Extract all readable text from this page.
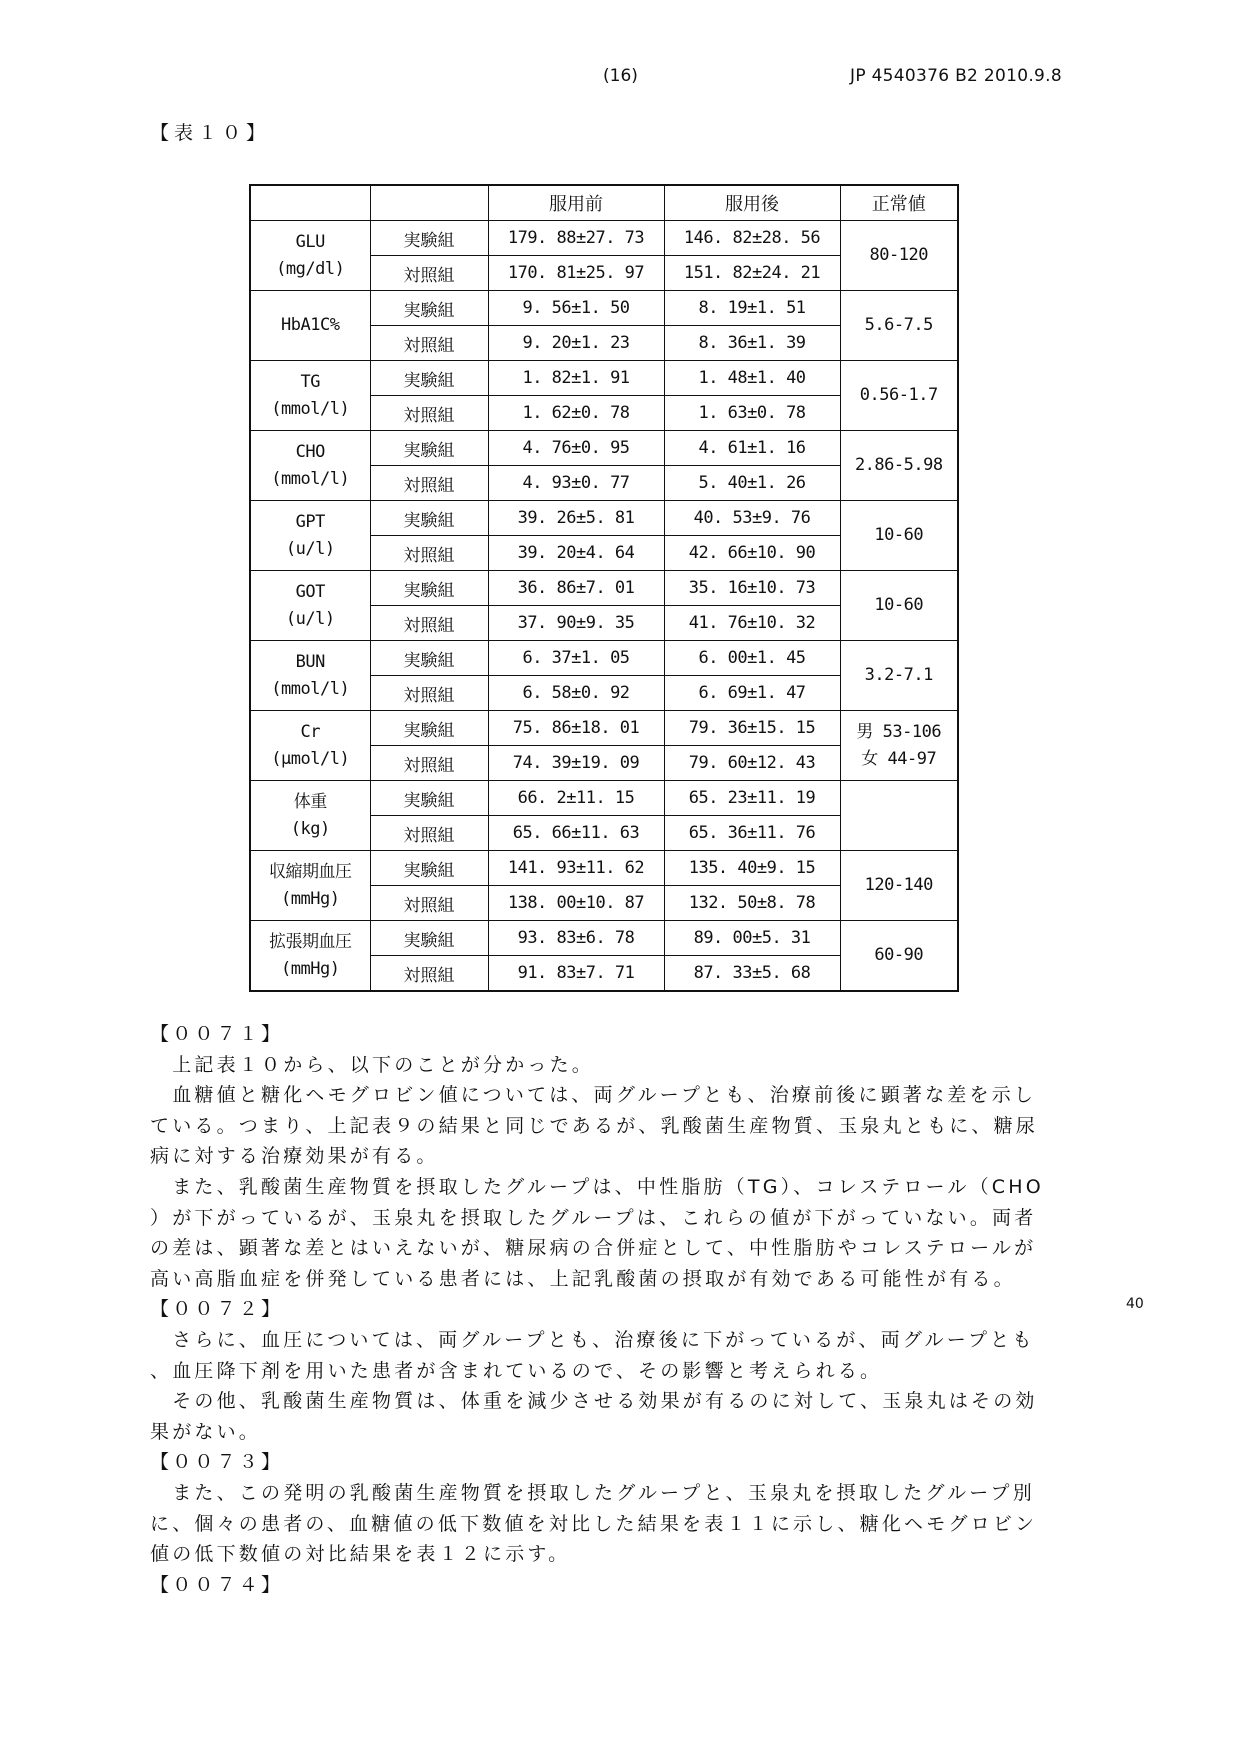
(16)	JP 4540376 B2 2010.9.8
【表１０】
		服用前	服用後	正常値

GLU
(mg/dl)	実験組	179. 88±27. 73	146. 82±28. 56	80-120

	対照組	170. 81±25. 97	151. 82±24. 21	

HbA1C%	実験組	9. 56±1. 50	8. 19±1. 51	5.6-7.5

	対照組	9. 20±1. 23	8. 36±1. 39	

TG
(mmol/l)	実験組	1. 82±1. 91	1. 48±1. 40	0.56-1.7

	対照組	1. 62±0. 78	1. 63±0. 78	

CHO
(mmol/l)	実験組	4. 76±0. 95	4. 61±1. 16	2.86-5.98

	対照組	4. 93±0. 77	5. 40±1. 26	

GPT
(u/l)	実験組	39. 26±5. 81	40. 53±9. 76	10-60

	対照組	39. 20±4. 64	42. 66±10. 90	

GOT
(u/l)	実験組	36. 86±7. 01	35. 16±10. 73	10-60

	対照組	37. 90±9. 35	41. 76±10. 32	

BUN
(mmol/l)	実験組	6. 37±1. 05	6. 00±1. 45	3.2-7.1

	対照組	6. 58±0. 92	6. 69±1. 47	

Cr
(μmol/l)	実験組	75. 86±18. 01	79. 36±15. 15	男 53-106
女 44-97

	対照組	74. 39±19. 09	79. 60±12. 43	

体重
(kg)	実験組	66. 2±11. 15	65. 23±11. 19	

	対照組	65. 66±11. 63	65. 36±11. 76	

収縮期血圧
(mmHg)	実験組	141. 93±11. 62	135. 40±9. 15	120-140

	対照組	138. 00±10. 87	132. 50±8. 78	

拡張期血圧
(mmHg)	実験組	93. 83±6. 78	89. 00±5. 31	60-90

	対照組	91. 83±7. 71	87. 33±5. 68	
【００７１】
　上記表１０から、以下のことが分かった。
　血糖値と糖化ヘモグロビン値については、両グループとも、治療前後に顕著な差を示し
ている。つまり、上記表９の結果と同じであるが、乳酸菌生産物質、玉泉丸ともに、糖尿
病に対する治療効果が有る。
　また、乳酸菌生産物質を摂取したグループは、中性脂肪（TG）、コレステロール（CHO
）が下がっているが、玉泉丸を摂取したグループは、これらの値が下がっていない。両者
の差は、顕著な差とはいえないが、糖尿病の合併症として、中性脂肪やコレステロールが
高い高脂血症を併発している患者には、上記乳酸菌の摂取が有効である可能性が有る。
【００７２】
　さらに、血圧については、両グループとも、治療後に下がっているが、両グループとも
、血圧降下剤を用いた患者が含まれているので、その影響と考えられる。
　その他、乳酸菌生産物質は、体重を減少させる効果が有るのに対して、玉泉丸はその効
果がない。
【００７３】
　また、この発明の乳酸菌生産物質を摂取したグループと、玉泉丸を摂取したグループ別
に、個々の患者の、血糖値の低下数値を対比した結果を表１１に示し、糖化ヘモグロビン
値の低下数値の対比結果を表１２に示す。
【００７４】
40
